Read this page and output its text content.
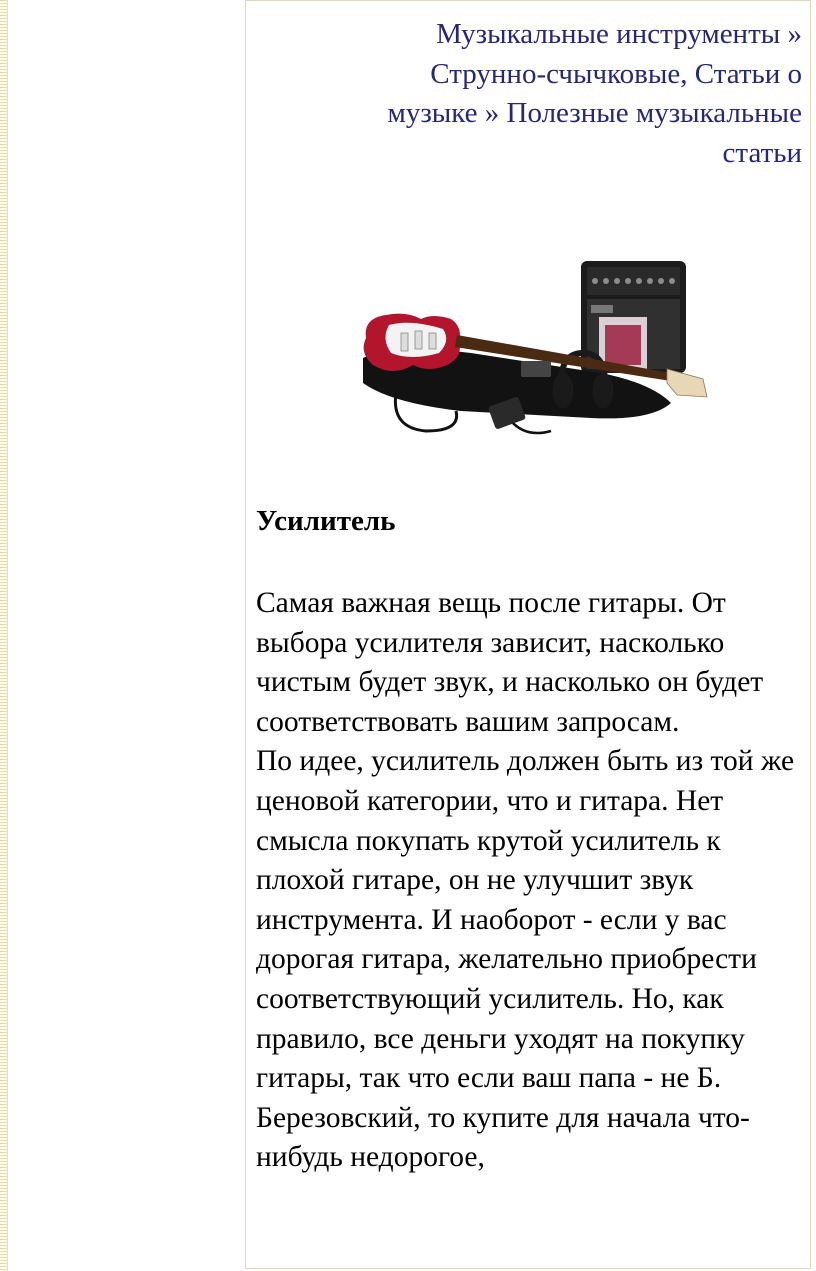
Музыкальные инструменты » Струнно-счычковые, Статьи о музыке » Полезные музыкальные статьи
Усилитель

Самая важная вещь после гитары. От выбора усилителя зависит, насколько чистым будет звук, и насколько он будет соответствовать вашим запросам.

По идее, усилитель должен быть из той же ценовой категории, что и гитара. Нет смысла покупать крутой усилитель к плохой гитаре, он не улучшит звук инструмента. И наоборот - если у вас дорогая гитара, желательно приобрести соответствующий усилитель. Но, как правило, все деньги уходят на покупку гитары, так что если ваш папа - не Б. Березовский, то купите для начала что-нибудь недорогое,
